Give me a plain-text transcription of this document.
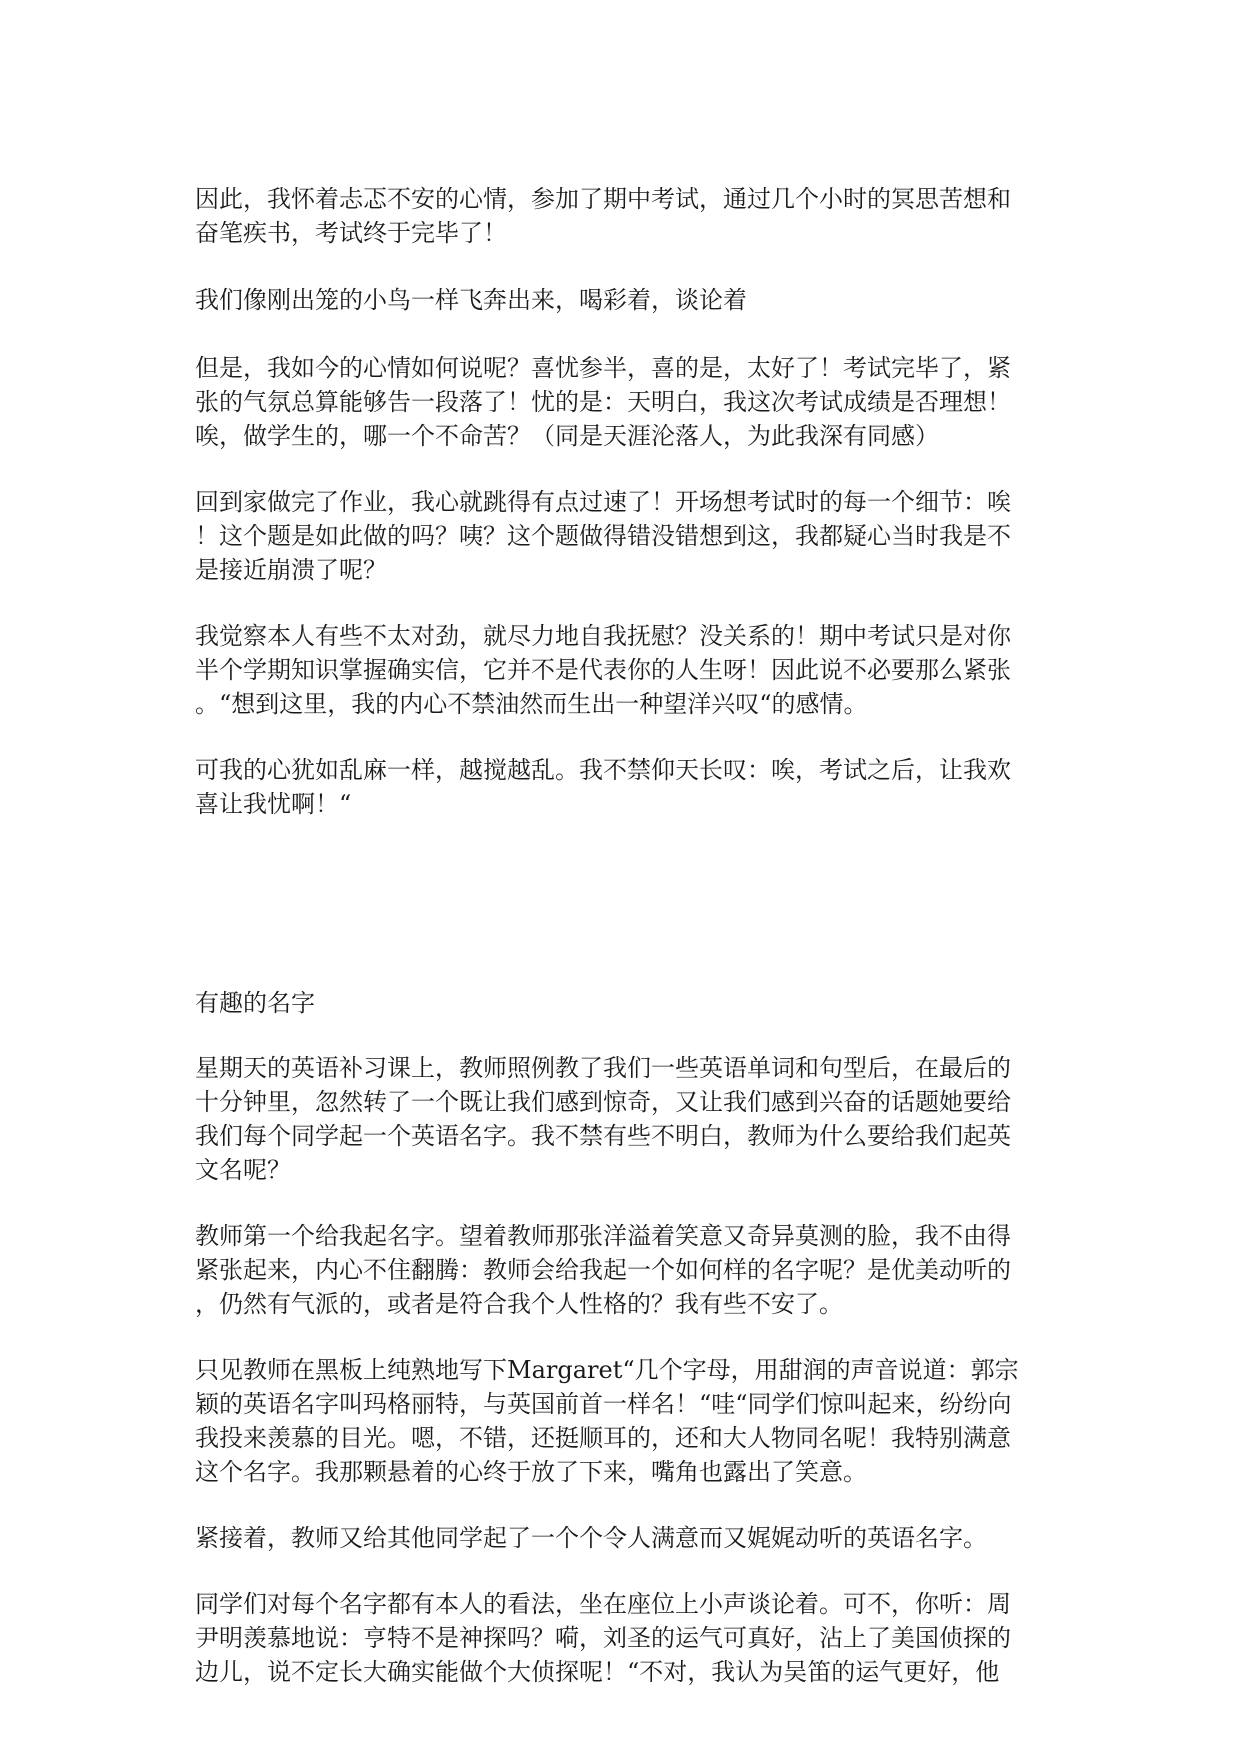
因此，我怀着忐忑不安的心情，参加了期中考试，通过几个小时的冥思苦想和
奋笔疾书，考试终于完毕了！
我们像刚出笼的小鸟一样飞奔出来，喝彩着，谈论着
但是，我如今的心情如何说呢？喜忧参半，喜的是，太好了！考试完毕了，紧
张的气氛总算能够告一段落了！忧的是：天明白，我这次考试成绩是否理想！
唉，做学生的，哪一个不命苦？（同是天涯沦落人，为此我深有同感）
回到家做完了作业，我心就跳得有点过速了！开场想考试时的每一个细节：唉
！这个题是如此做的吗？咦？这个题做得错没错想到这，我都疑心当时我是不
是接近崩溃了呢？
我觉察本人有些不太对劲，就尽力地自我抚慰？没关系的！期中考试只是对你
半个学期知识掌握确实信，它并不是代表你的人生呀！因此说不必要那么紧张
。“想到这里，我的内心不禁油然而生出一种望洋兴叹“的感情。
可我的心犹如乱麻一样，越搅越乱。我不禁仰天长叹：唉，考试之后，让我欢
喜让我忧啊！“
有趣的名字
星期天的英语补习课上，教师照例教了我们一些英语单词和句型后，在最后的
十分钟里，忽然转了一个既让我们感到惊奇，又让我们感到兴奋的话题她要给
我们每个同学起一个英语名字。我不禁有些不明白，教师为什么要给我们起英
文名呢？
教师第一个给我起名字。望着教师那张洋溢着笑意又奇异莫测的脸，我不由得
紧张起来，内心不住翻腾：教师会给我起一个如何样的名字呢？是优美动听的
，仍然有气派的，或者是符合我个人性格的？我有些不安了。
只见教师在黑板上纯熟地写下Margaret“几个字母，用甜润的声音说道：郭宗
颖的英语名字叫玛格丽特，与英国前首一样名！“哇“同学们惊叫起来，纷纷向
我投来羡慕的目光。嗯，不错，还挺顺耳的，还和大人物同名呢！我特别满意
这个名字。我那颗悬着的心终于放了下来，嘴角也露出了笑意。
紧接着，教师又给其他同学起了一个个令人满意而又娓娓动听的英语名字。
同学们对每个名字都有本人的看法，坐在座位上小声谈论着。可不，你听：周
尹明羡慕地说：亨特不是神探吗？嗬，刘圣的运气可真好，沾上了美国侦探的
边儿，说不定长大确实能做个大侦探呢！“不对，我认为吴笛的运气更好，他
